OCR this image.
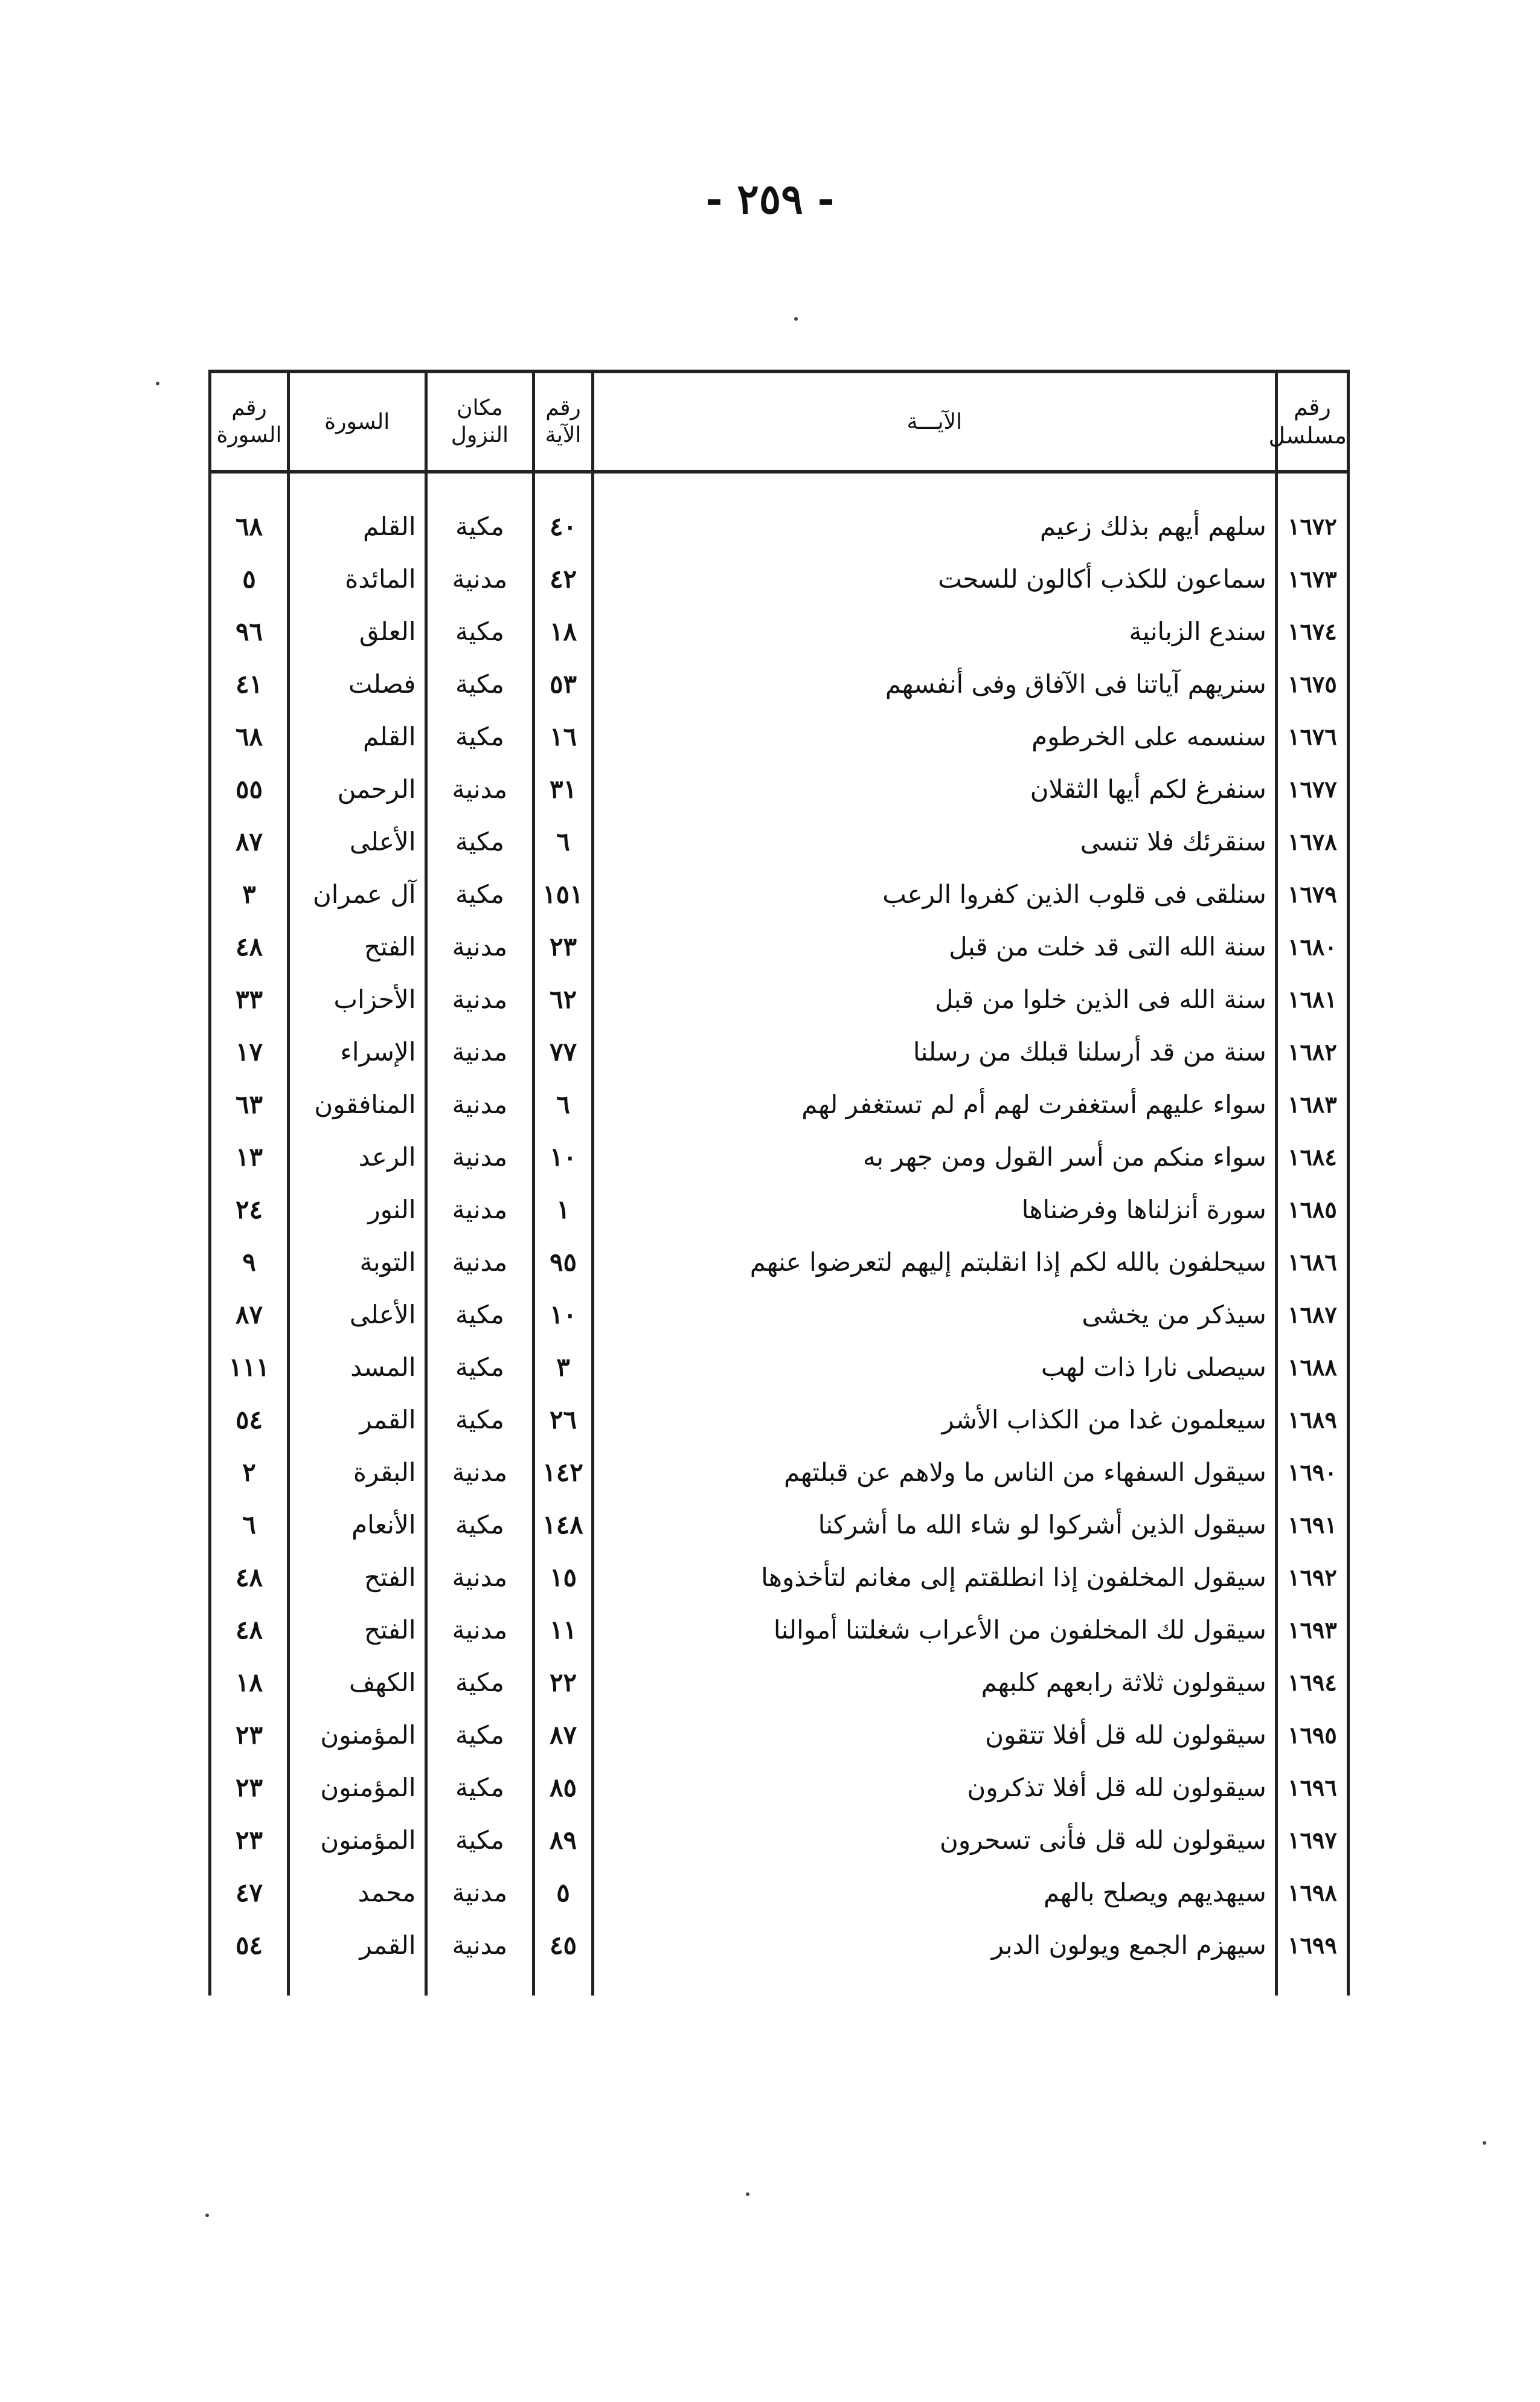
- ٢٥٩ -
رقم مسلسل	الآيـــة	رقم الآية	مكان النزول	السورة	رقم السورة

١٦٧٢	سلهم أيهم بذلك زعيم	٤٠	مكية	القلم	٦٨
١٦٧٣	سماعون للكذب أكالون للسحت	٤٢	مدنية	المائدة	٥
١٦٧٤	سندع الزبانية	١٨	مكية	العلق	٩٦
١٦٧٥	سنريهم آياتنا فى الآفاق وفى أنفسهم	٥٣	مكية	فصلت	٤١
١٦٧٦	سنسمه على الخرطوم	١٦	مكية	القلم	٦٨
١٦٧٧	سنفرغ لكم أيها الثقلان	٣١	مدنية	الرحمن	٥٥
١٦٧٨	سنقرئك فلا تنسى	٦	مكية	الأعلى	٨٧
١٦٧٩	سنلقى فى قلوب الذين كفروا الرعب	١٥١	مكية	آل عمران	٣
١٦٨٠	سنة الله التى قد خلت من قبل	٢٣	مدنية	الفتح	٤٨
١٦٨١	سنة الله فى الذين خلوا من قبل	٦٢	مدنية	الأحزاب	٣٣
١٦٨٢	سنة من قد أرسلنا قبلك من رسلنا	٧٧	مدنية	الإسراء	١٧
١٦٨٣	سواء عليهم أستغفرت لهم أم لم تستغفر لهم	٦	مدنية	المنافقون	٦٣
١٦٨٤	سواء منكم من أسر القول ومن جهر به	١٠	مدنية	الرعد	١٣
١٦٨٥	سورة أنزلناها وفرضناها	١	مدنية	النور	٢٤
١٦٨٦	سيحلفون بالله لكم إذا انقلبتم إليهم لتعرضوا عنهم	٩٥	مدنية	التوبة	٩
١٦٨٧	سيذكر من يخشى	١٠	مكية	الأعلى	٨٧
١٦٨٨	سيصلى نارا ذات لهب	٣	مكية	المسد	١١١
١٦٨٩	سيعلمون غدا من الكذاب الأشر	٢٦	مكية	القمر	٥٤
١٦٩٠	سيقول السفهاء من الناس ما ولاهم عن قبلتهم	١٤٢	مدنية	البقرة	٢
١٦٩١	سيقول الذين أشركوا لو شاء الله ما أشركنا	١٤٨	مكية	الأنعام	٦
١٦٩٢	سيقول المخلفون إذا انطلقتم إلى مغانم لتأخذوها	١٥	مدنية	الفتح	٤٨
١٦٩٣	سيقول لك المخلفون من الأعراب شغلتنا أموالنا	١١	مدنية	الفتح	٤٨
١٦٩٤	سيقولون ثلاثة رابعهم كلبهم	٢٢	مكية	الكهف	١٨
١٦٩٥	سيقولون لله قل أفلا تتقون	٨٧	مكية	المؤمنون	٢٣
١٦٩٦	سيقولون لله قل أفلا تذكرون	٨٥	مكية	المؤمنون	٢٣
١٦٩٧	سيقولون لله قل فأنى تسحرون	٨٩	مكية	المؤمنون	٢٣
١٦٩٨	سيهديهم ويصلح بالهم	٥	مدنية	محمد	٤٧
١٦٩٩	سيهزم الجمع ويولون الدبر	٤٥	مدنية	القمر	٥٤
